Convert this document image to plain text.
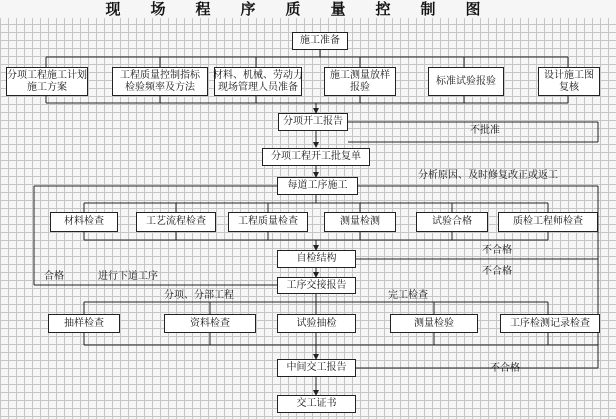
现场程序质量控制图
施工准备
分项工程施工计划
施工方案
工程质量控制指标
检验频率及方法
材料、机械、劳动力
现场管理人员准备
施工测量放样
报验
标准试验报验
设计施工图
复核
分项开工报告
分项工程开工批复单
每道工序施工
材料检查	工艺流程检查	工程质量检查	测量检测	试验合格	质检工程师检查
自检结构
工序交接报告
抽样检查	资料检查	试验抽检	测量检验	工序检测记录检查
中间交工报告
交工证书
不批准
分析原因、及时修复改正或返工
不合格
不合格
合格	进行下道工序
分项、分部工程	完工检查
不合格
